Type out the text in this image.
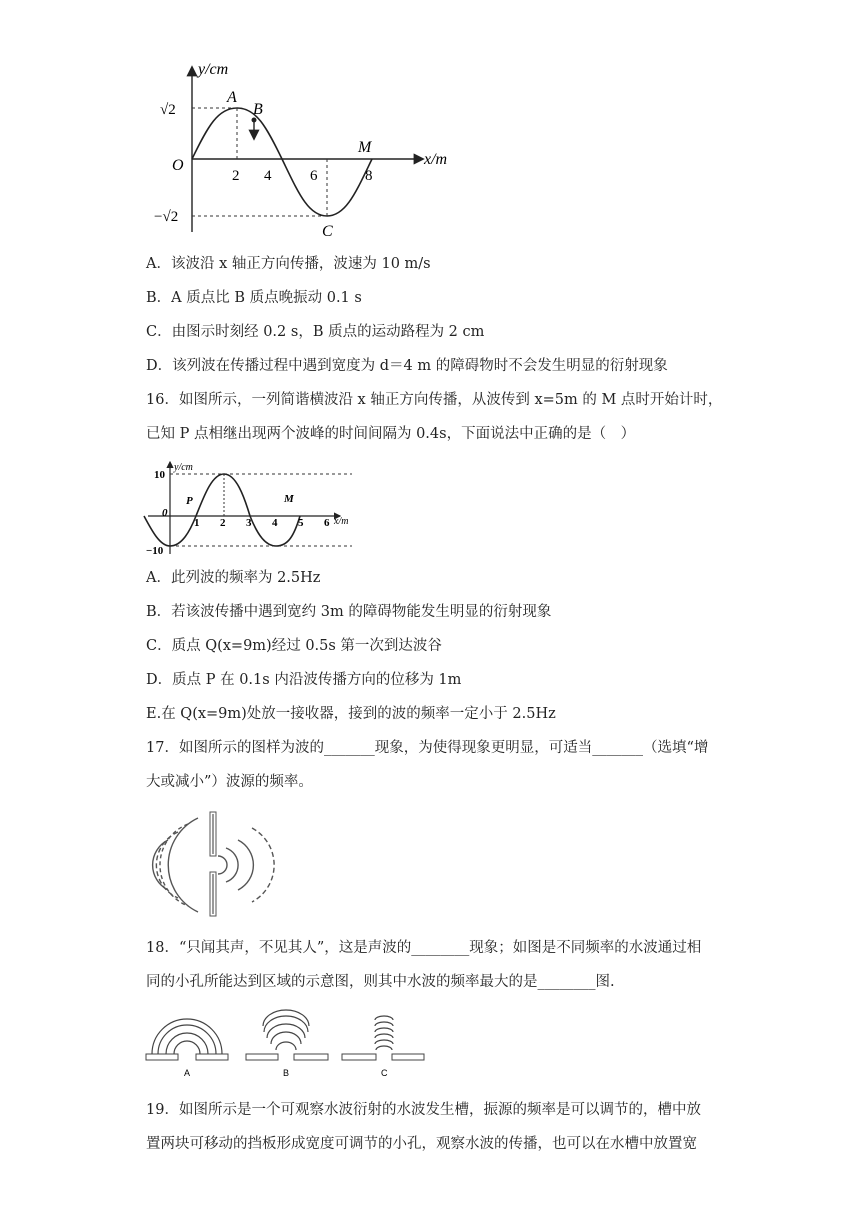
y/cm
x/m
O
2 4	6	8
√2
−√2
A
B
C
M
A．该波沿 x 轴正方向传播，波速为 10 m/s
B．A 质点比 B 质点晚振动 0.1 s
C．由图示时刻经 0.2 s，B 质点的运动路程为 2 cm
D．该列波在传播过程中遇到宽度为 d＝4 m 的障碍物时不会发生明显的衍射现象
16．如图所示，一列简谐横波沿 x 轴正方向传播，从波传到 x=5m 的 M 点时开始计时，
已知 P 点相继出现两个波峰的时间间隔为 0.4s，下面说法中正确的是（　）
y/cm
x/m
10
−10
0
1 2 3 4 5 6
P	M
A．此列波的频率为 2.5Hz
B．若该波传播中遇到宽约 3m 的障碍物能发生明显的衍射现象
C．质点 Q(x=9m)经过 0.5s 第一次到达波谷
D．质点 P 在 0.1s 内沿波传播方向的位移为 1m
E.在 Q(x=9m)处放一接收器，接到的波的频率一定小于 2.5Hz
17．如图所示的图样为波的_______现象，为使得现象更明显，可适当_______（选填“增
大或减小”）波源的频率。
18．“只闻其声，不见其人”，这是声波的________现象；如图是不同频率的水波通过相
同的小孔所能达到区域的示意图，则其中水波的频率最大的是________图.
A	B	C
19．如图所示是一个可观察水波衍射的水波发生槽，振源的频率是可以调节的，槽中放
置两块可移动的挡板形成宽度可调节的小孔，观察水波的传播，也可以在水槽中放置宽
